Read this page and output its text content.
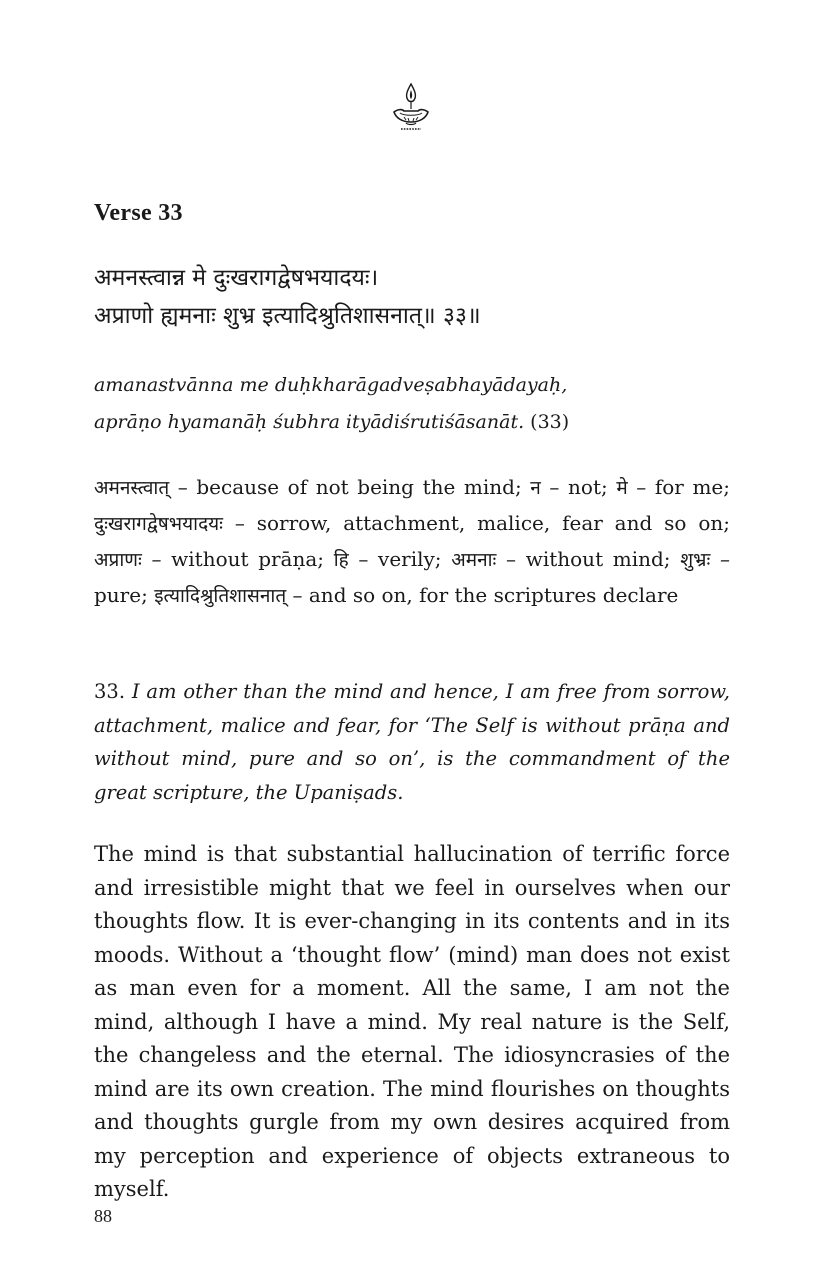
Verse 33
अमनस्त्वान्न मे दुःखरागद्वेषभयादयः।
अप्राणो ह्यमनाः शुभ्र इत्यादिश्रुतिशासनात्॥ ३३॥
amanastvānna me duḥkharāgadveṣabhayādayaḥ,
aprāṇo hyamanāḥ śubhra ityādiśrutiśāsanāt. (33)
अमनस्त्वात् – because of not being the mind; न – not; मे – for me; दुःखरागद्वेषभयादयः – sorrow, attachment, malice, fear and so on; अप्राणः – without prāṇa; हि – verily; अमनाः – without mind; शुभ्रः – pure; इत्यादिश्रुतिशासनात् – and so on, for the scriptures declare
33. I am other than the mind and hence, I am free from sorrow, attachment, malice and fear, for ‘The Self is without prāṇa and without mind, pure and so on’, is the commandment of the great scripture, the Upaniṣads.
The mind is that substantial hallucination of terrific force and irresistible might that we feel in ourselves when our thoughts flow. It is ever-changing in its contents and in its moods. Without a ‘thought flow’ (mind) man does not exist as man even for a moment. All the same, I am not the mind, although I have a mind. My real nature is the Self, the changeless and the eternal. The idiosyncrasies of the mind are its own creation. The mind flourishes on thoughts and thoughts gurgle from my own desires acquired from my perception and experience of objects extraneous to myself.
88
